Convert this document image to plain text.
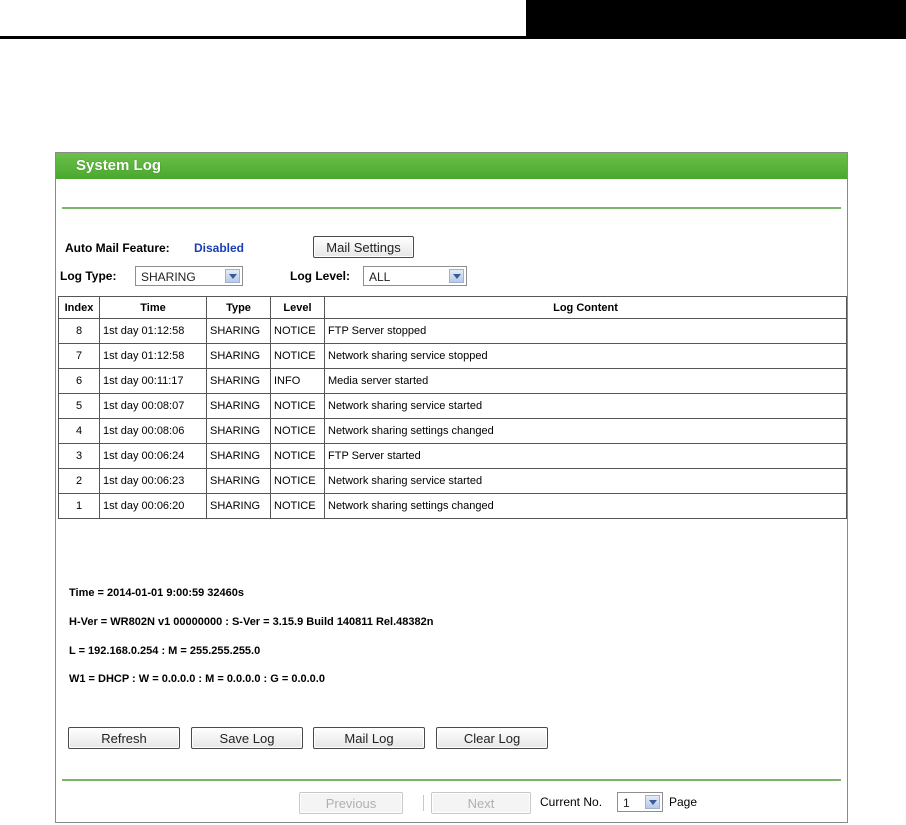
System Log
Auto Mail Feature: Disabled	Mail Settings
Log Type: SHARING	Log Level: ALL
Index	Time	Type	Level	Log Content
8	1st day 01:12:58	SHARING	NOTICE	FTP Server stopped
7	1st day 01:12:58	SHARING	NOTICE	Network sharing service stopped
6	1st day 00:11:17	SHARING	INFO	Media server started
5	1st day 00:08:07	SHARING	NOTICE	Network sharing service started
4	1st day 00:08:06	SHARING	NOTICE	Network sharing settings changed
3	1st day 00:06:24	SHARING	NOTICE	FTP Server started
2	1st day 00:06:23	SHARING	NOTICE	Network sharing service started
1	1st day 00:06:20	SHARING	NOTICE	Network sharing settings changed
Time = 2014-01-01 9:00:59 32460s
H-Ver = WR802N v1 00000000 : S-Ver = 3.15.9 Build 140811 Rel.48382n
L = 192.168.0.254 : M = 255.255.255.0
W1 = DHCP : W = 0.0.0.0 : M = 0.0.0.0 : G = 0.0.0.0
Refresh	Save Log	Mail Log	Clear Log
Previous	Next	Current No. 1	Page
